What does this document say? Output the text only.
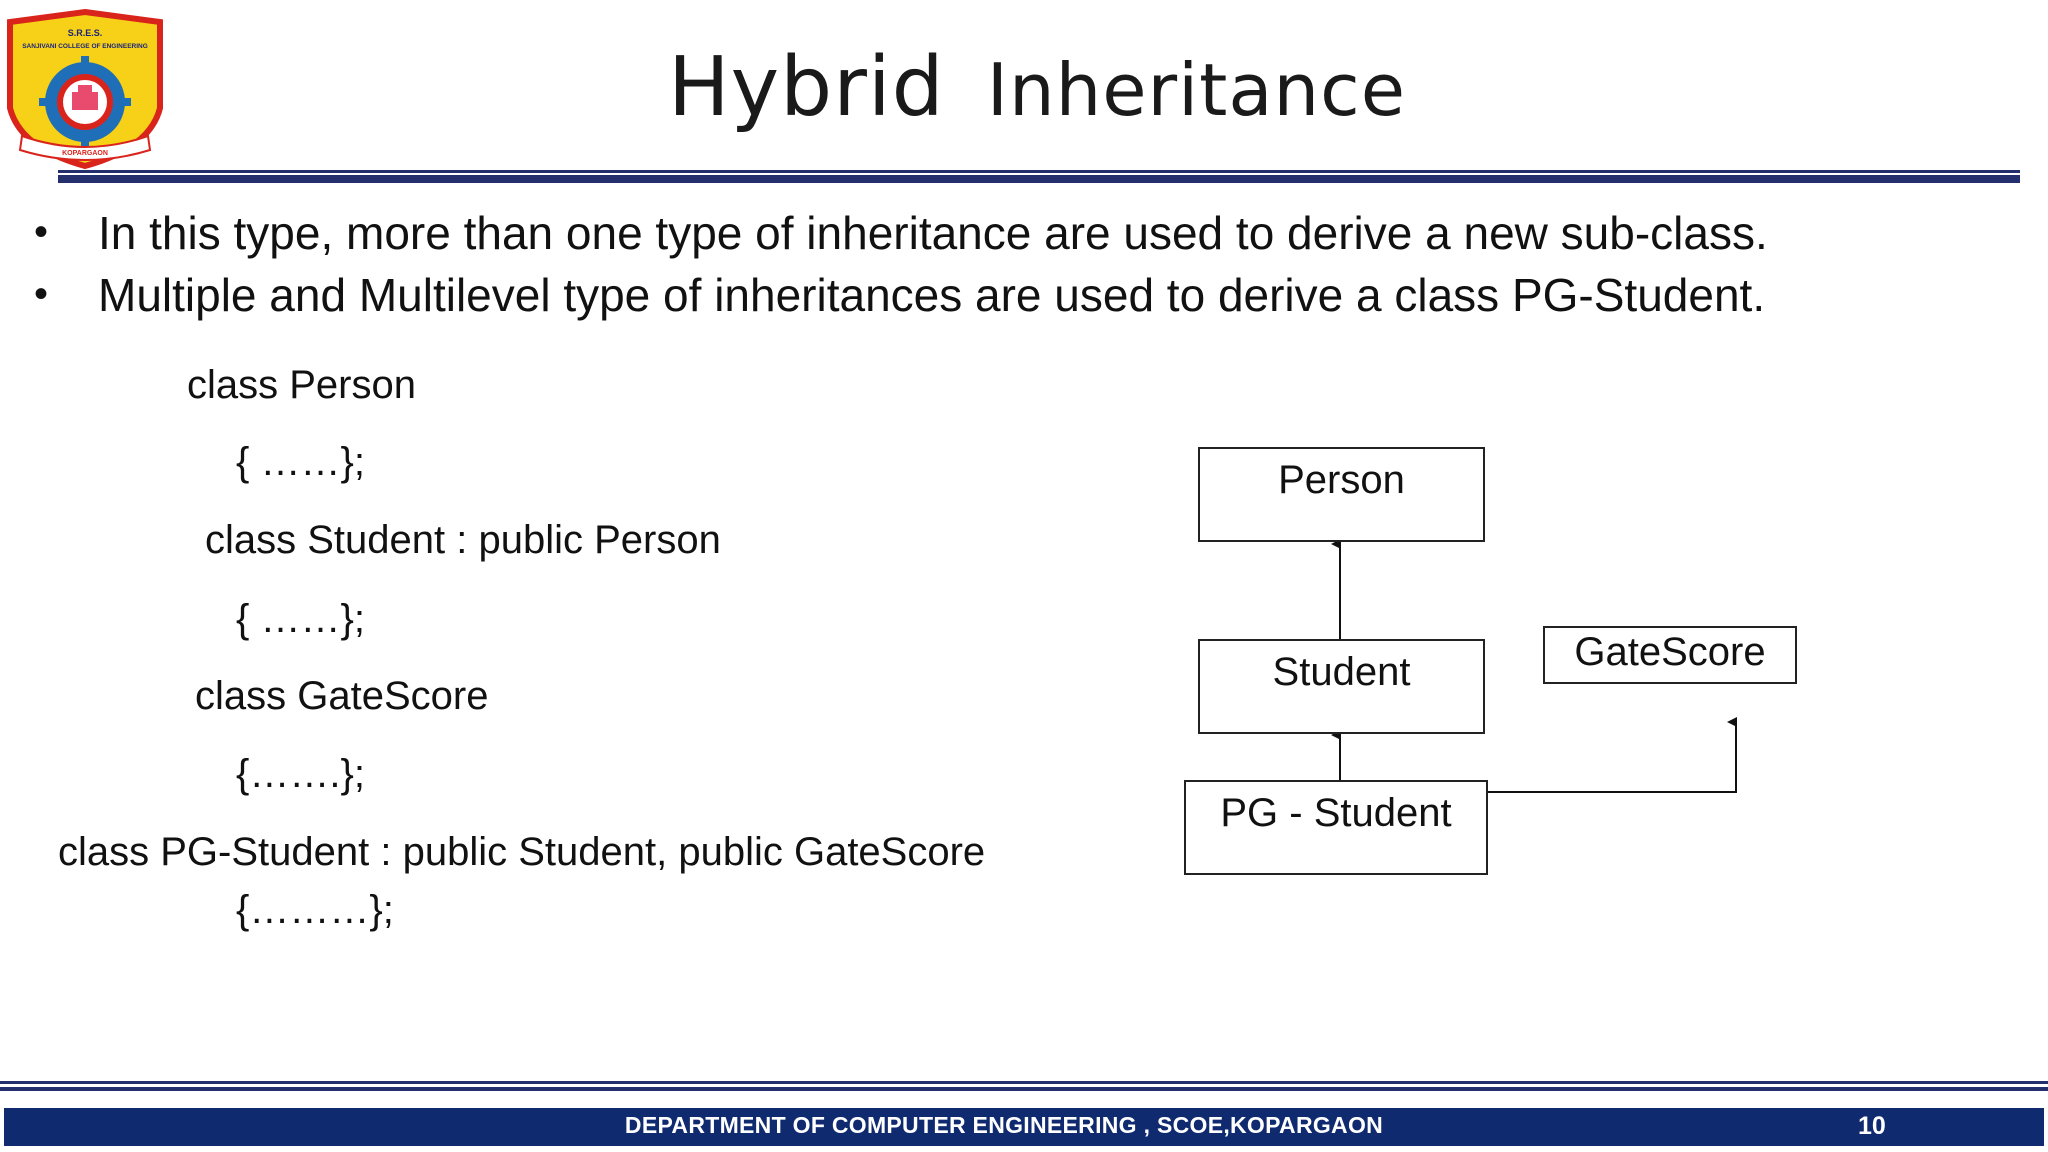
S.R.E.S.
SANJIVANI COLLEGE OF ENGINEERING
KOPARGAON
Hybrid Inheritance
• In this type, more than one type of inheritance are used to derive a new sub-class.
• Multiple and Multilevel type of inheritances are used to derive a class PG-Student.
class Person
{ ……};
class Student : public Person
{ ……};
class GateScore
{…….};
class PG-Student : public Student, public GateScore
{………};
Person
Student	GateScore
PG - Student
DEPARTMENT OF COMPUTER ENGINEERING , SCOE,KOPARGAON	10
